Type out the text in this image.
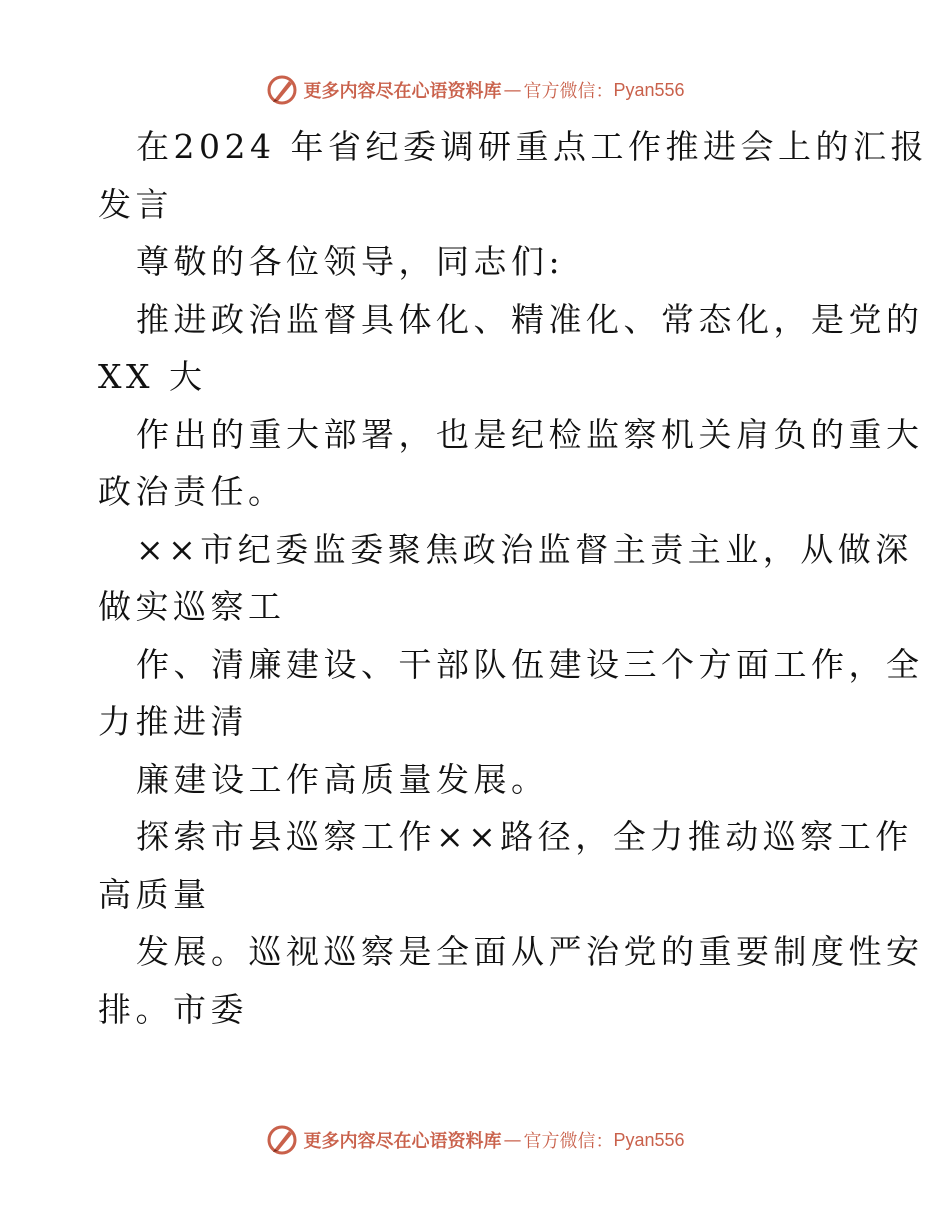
更多内容尽在心语资料库 — 官方微信： Pyan556
在2024 年省纪委调研重点工作推进会上的汇报
发言
尊敬的各位领导，同志们:
推进政治监督具体化、精准化、常态化，是党的
XX 大
作出的重大部署，也是纪检监察机关肩负的重大
政治责任。
××市纪委监委聚焦政治监督主责主业，从做深
做实巡察工
作、清廉建设、干部队伍建设三个方面工作，全
力推进清
廉建设工作高质量发展。
探索市县巡察工作××路径，全力推动巡察工作
高质量
发展。巡视巡察是全面从严治党的重要制度性安
排。市委
更多内容尽在心语资料库 — 官方微信： Pyan556
